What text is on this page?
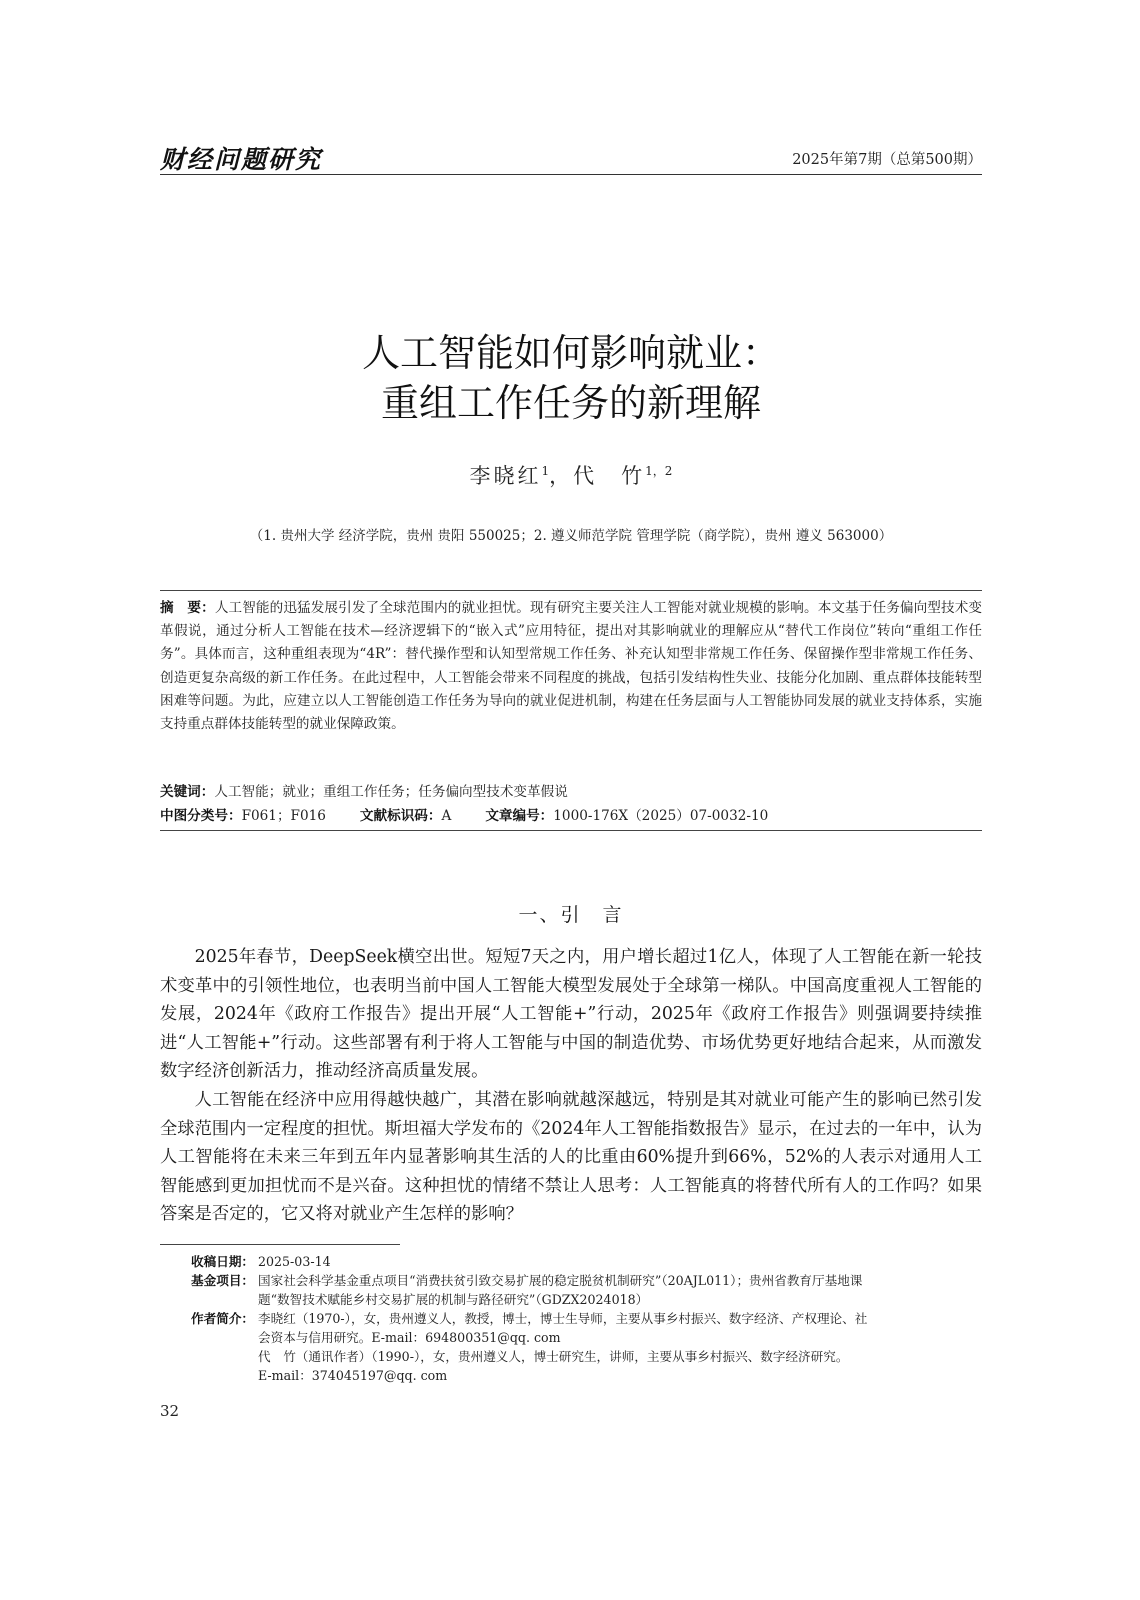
财经问题研究	2025年第7期（总第500期）
人工智能如何影响就业：
重组工作任务的新理解
李晓红$^1$，代　竹$^{1,2}$
（1. 贵州大学 经济学院，贵州 贵阳 550025；2. 遵义师范学院 管理学院（商学院），贵州 遵义 563000）
摘　要：人工智能的迅猛发展引发了全球范围内的就业担忧。现有研究主要关注人工智能对就业规模的影响。本文基于任务偏向型技术变革假说，通过分析人工智能在技术—经济逻辑下的“嵌入式”应用特征，提出对其影响就业的理解应从“替代工作岗位”转向“重组工作任务”。具体而言，这种重组表现为“4R”：替代操作型和认知型常规工作任务、补充认知型非常规工作任务、保留操作型非常规工作任务、创造更复杂高级的新工作任务。在此过程中，人工智能会带来不同程度的挑战，包括引发结构性失业、技能分化加剧、重点群体技能转型困难等问题。为此，应建立以人工智能创造工作任务为导向的就业促进机制，构建在任务层面与人工智能协同发展的就业支持体系，实施支持重点群体技能转型的就业保障政策。
关键词：人工智能；就业；重组工作任务；任务偏向型技术变革假说
中图分类号：F061；F016	文献标识码：A	文章编号：1000-176X（2025）07-0032-10
一、引　言

2025年春节，DeepSeek横空出世。短短7天之内，用户增长超过1亿人，体现了人工智能在新一轮技术变革中的引领性地位，也表明当前中国人工智能大模型发展处于全球第一梯队。中国高度重视人工智能的发展，2024年《政府工作报告》提出开展“人工智能+”行动，2025年《政府工作报告》则强调要持续推进“人工智能+”行动。这些部署有利于将人工智能与中国的制造优势、市场优势更好地结合起来，从而激发数字经济创新活力，推动经济高质量发展。

人工智能在经济中应用得越快越广，其潜在影响就越深越远，特别是其对就业可能产生的影响已然引发全球范围内一定程度的担忧。斯坦福大学发布的《2024年人工智能指数报告》显示，在过去的一年中，认为人工智能将在未来三年到五年内显著影响其生活的人的比重由60%提升到66%，52%的人表示对通用人工智能感到更加担忧而不是兴奋。这种担忧的情绪不禁让人思考：人工智能真的将替代所有人的工作吗？如果答案是否定的，它又将对就业产生怎样的影响？

收稿日期： 2025-03-14
基金项目： 国家社会科学基金重点项目“消费扶贫引致交易扩展的稳定脱贫机制研究”（20AJL011）；贵州省教育厅基地课
题“数智技术赋能乡村交易扩展的机制与路径研究”（GDZX2024018）
作者简介： 李晓红（1970-），女，贵州遵义人，教授，博士，博士生导师，主要从事乡村振兴、数字经济、产权理论、社
会资本与信用研究。E-mail：694800351@qq. com
代　竹（通讯作者）（1990-），女，贵州遵义人，博士研究生，讲师，主要从事乡村振兴、数字经济研究。
E-mail：374045197@qq. com
32
